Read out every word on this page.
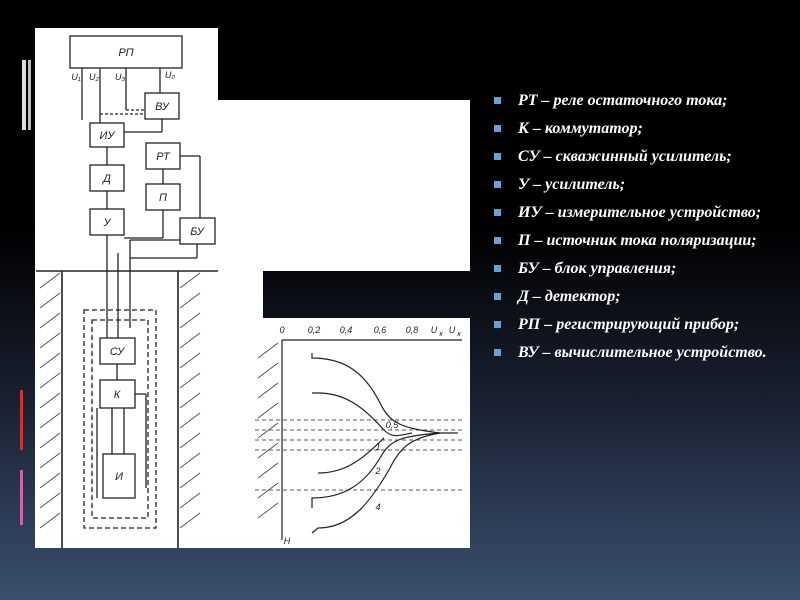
РП
ВУ
ИУ
РТ
Д
П
У
БУ
СУ
К
И
U₁ U₂ U₃	U₀
0	0,2 0,4 0,6 0,8 U U
к к
0,5
1
2
4
H
РТ – реле остаточного тока;
К – коммутатор;
СУ – скважинный усилитель;
У – усилитель;
ИУ – измерительное устройство;
П – источник тока поляризации;
БУ – блок управления;
Д – детектор;
РП – регистрирующий прибор;
ВУ – вычислительное устройство.
